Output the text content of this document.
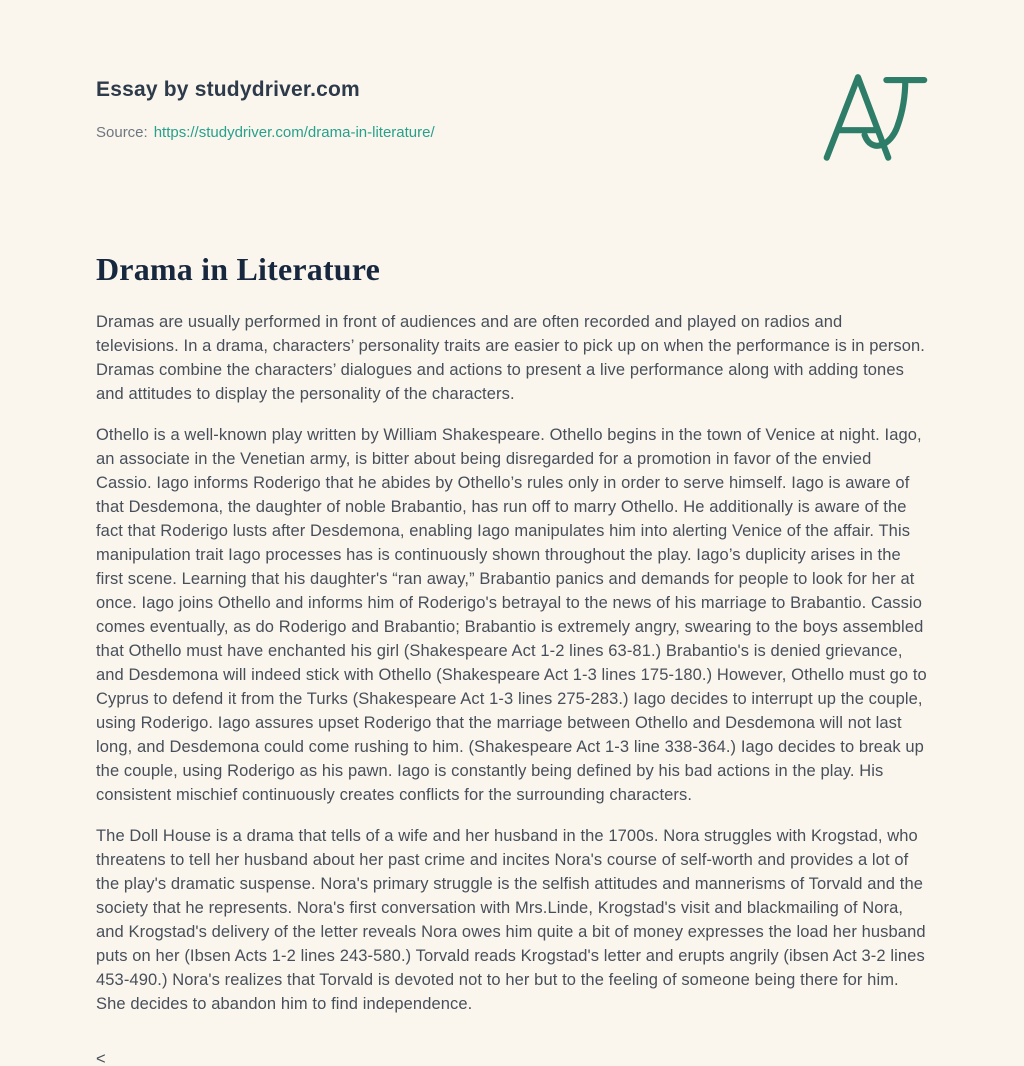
Essay by studydriver.com

Source: https://studydriver.com/drama-in-literature/

Drama in Literature

Dramas are usually performed in front of audiences and are often recorded and played on radios and televisions. In a drama, characters’ personality traits are easier to pick up on when the performance is in person. Dramas combine the characters’ dialogues and actions to present a live performance along with adding tones and attitudes to display the personality of the characters.

Othello is a well-known play written by William Shakespeare. Othello begins in the town of Venice at night. Iago, an associate in the Venetian army, is bitter about being disregarded for a promotion in favor of the envied Cassio. Iago informs Roderigo that he abides by Othello’s rules only in order to serve himself. Iago is aware of that Desdemona, the daughter of noble Brabantio, has run off to marry Othello. He additionally is aware of the fact that Roderigo lusts after Desdemona, enabling Iago manipulates him into alerting Venice of the affair. This manipulation trait Iago processes has is continuously shown throughout the play. Iago’s duplicity arises in the first scene. Learning that his daughter's “ran away,” Brabantio panics and demands for people to look for her at once. Iago joins Othello and informs him of Roderigo's betrayal to the news of his marriage to Brabantio. Cassio comes eventually, as do Roderigo and Brabantio; Brabantio is extremely angry, swearing to the boys assembled that Othello must have enchanted his girl (Shakespeare Act 1-2 lines 63-81.) Brabantio's is denied grievance, and Desdemona will indeed stick with Othello (Shakespeare Act 1-3 lines 175-180.) However, Othello must go to Cyprus to defend it from the Turks (Shakespeare Act 1-3 lines 275-283.) Iago decides to interrupt up the couple, using Roderigo. Iago assures upset Roderigo that the marriage between Othello and Desdemona will not last long, and Desdemona could come rushing to him. (Shakespeare Act 1-3 line 338-364.) Iago decides to break up the couple, using Roderigo as his pawn. Iago is constantly being defined by his bad actions in the play. His consistent mischief continuously creates conflicts for the surrounding characters.

The Doll House is a drama that tells of a wife and her husband in the 1700s. Nora struggles with Krogstad, who threatens to tell her husband about her past crime and incites Nora's course of self-worth and provides a lot of the play's dramatic suspense. Nora's primary struggle is the selfish attitudes and mannerisms of Torvald and the society that he represents. Nora's first conversation with Mrs.Linde, Krogstad's visit and blackmailing of Nora, and Krogstad's delivery of the letter reveals Nora owes him quite a bit of money expresses the load her husband puts on her (Ibsen Acts 1-2 lines 243-580.) Torvald reads Krogstad's letter and erupts angrily (ibsen Act 3-2 lines 453-490.) Nora's realizes that Torvald is devoted not to her but to the feeling of someone being there for him. She decides to abandon him to find independence.

<
